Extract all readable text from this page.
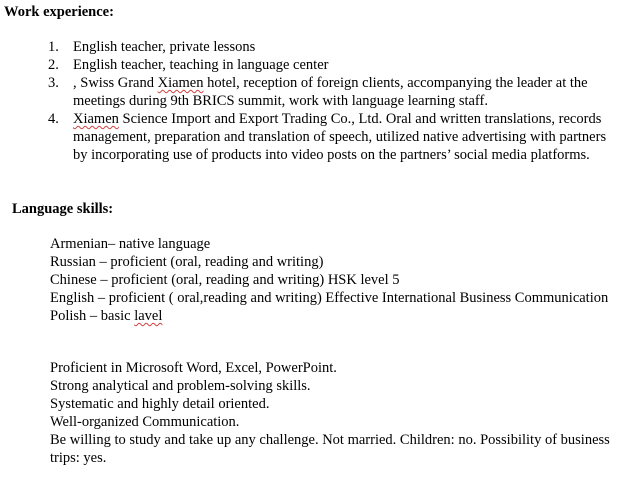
Work experience:
1. English teacher, private lessons
2. English teacher, teaching in language center
3. , Swiss Grand Xiamen hotel, reception of foreign clients, accompanying the leader at the meetings during 9th BRICS summit, work with language learning staff.
4. Xiamen Science Import and Export Trading Co., Ltd. Oral and written translations, records management, preparation and translation of speech, utilized native advertising with partners by incorporating use of products into video posts on the partners’ social media platforms.
Language skills:
Armenian– native language
Russian – proficient (oral, reading and writing)
Chinese – proficient (oral, reading and writing) HSK level 5
English – proficient ( oral,reading and writing) Effective International Business Communication
Polish – basic lavel
Proficient in Microsoft Word, Excel, PowerPoint.
Strong analytical and problem-solving skills.
Systematic and highly detail oriented.
Well-organized Communication.
Be willing to study and take up any challenge. Not married. Children: no. Possibility of business trips: yes.
